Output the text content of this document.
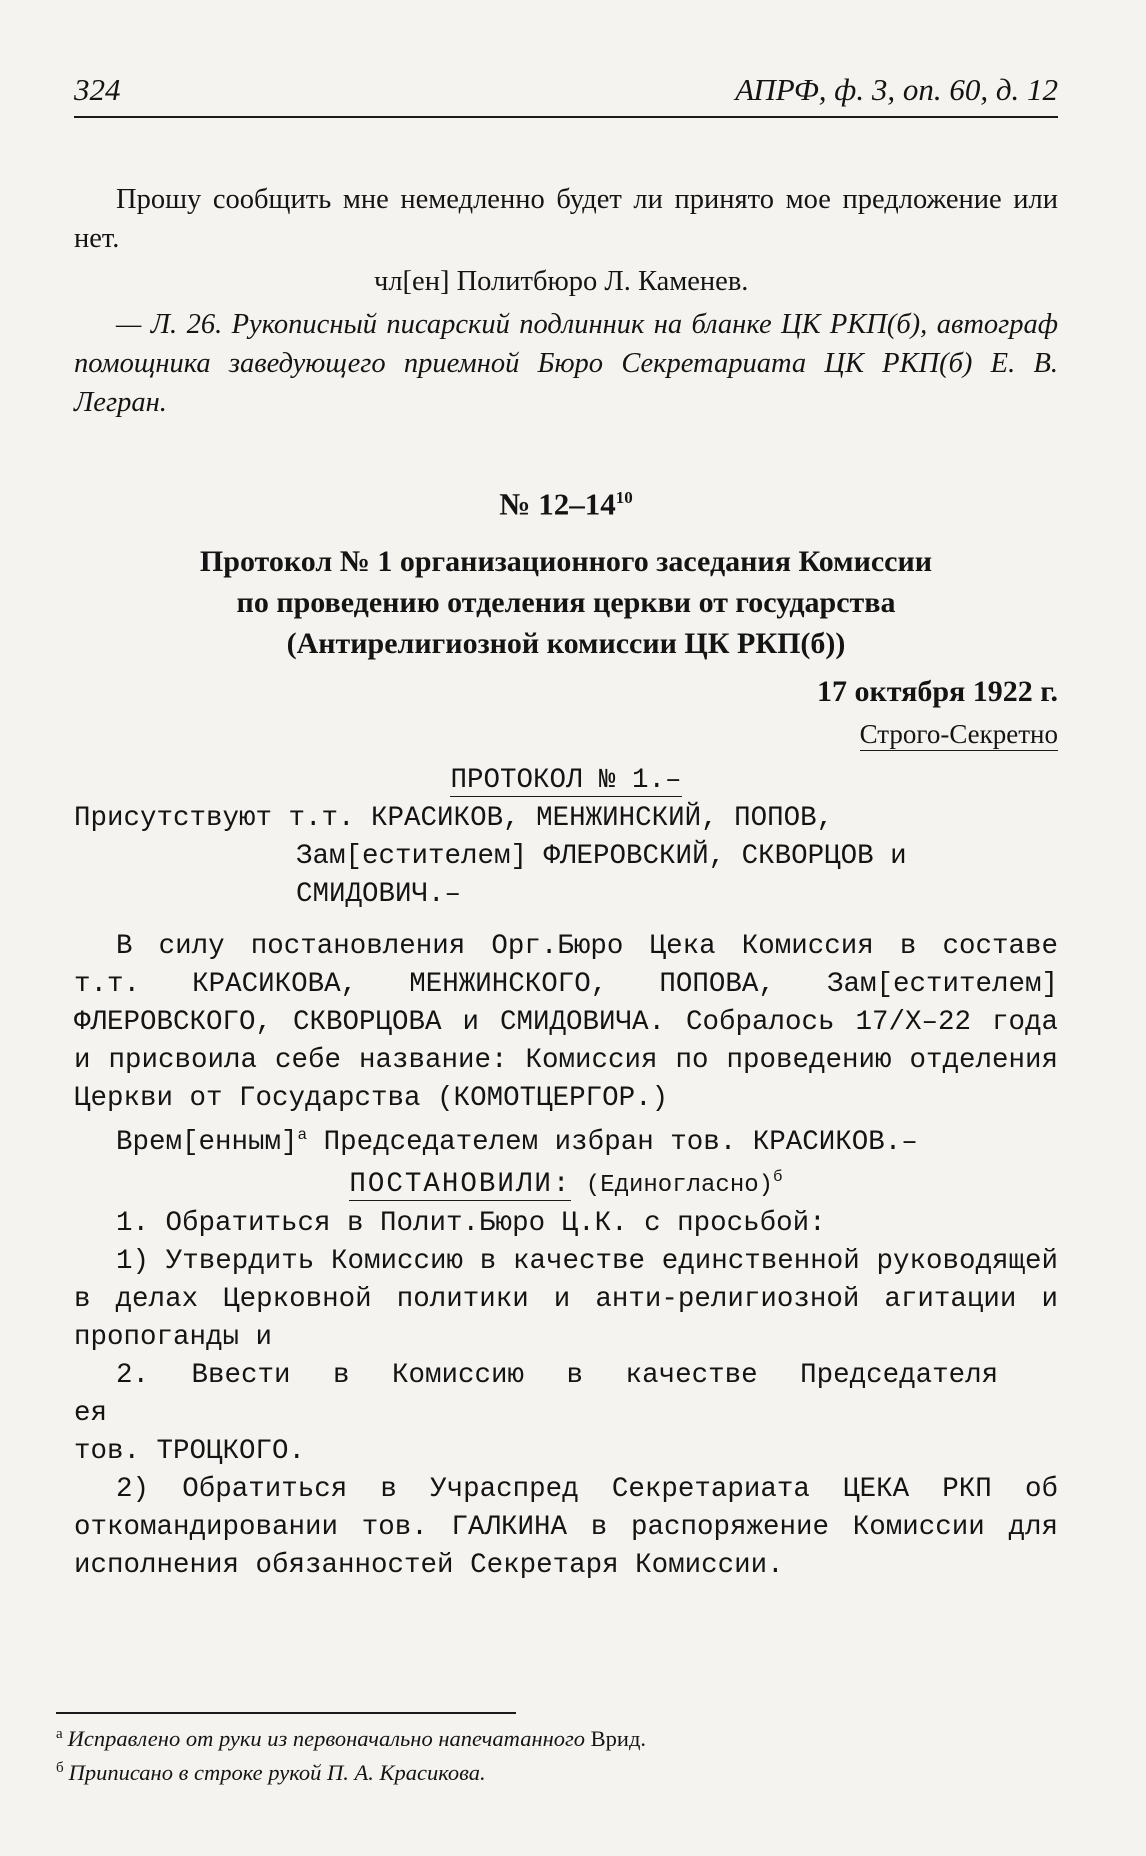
324	АПРФ, ф. 3, оп. 60, д. 12

Прошу сообщить мне немедленно будет ли принято мое предложение или нет.

чл[ен] Политбюро Л. Каменев.

— Л. 26. Рукописный писарский подлинник на бланке ЦК РКП(б), автограф помощника заведующего приемной Бюро Секретариата ЦК РКП(б) Е. В. Легран.

№ $12-14^{10}$
Протокол № 1 организационного заседания Комиссии
по проведению отделения церкви от государства
(Антирелигиозной комиссии ЦК РКП(б))
17 октября 1922 г.
Строго-Секретно

ПРОТОКОЛ № 1.–

Присутствуют т.т. КРАСИКОВ, МЕНЖИНСКИЙ, ПОПОВ,

Зам[естителем] ФЛЕРОВСКИЙ, СКВОРЦОВ и

СМИДОВИЧ.–

В силу постановления Орг.Бюро Цека Комиссия в составе т.т. КРАСИКОВА, МЕНЖИНСКОГО, ПОПОВА, Зам[естителем] ФЛЕРОВСКОГО, СКВОРЦОВА и СМИДОВИЧА. Собралось 17/Х–22 года и присвоила себе название: Комиссия по проведению отделения Церкви от Государства (КОМОТЦЕРГОР.)

Врем[енным]$^а$ Председателем избран тов. КРАСИКОВ.–

ПОСТАНОВИЛИ: (Единогласно)$^б$

1. Обратиться в Полит.Бюро Ц.К. с просьбой:

1) Утвердить Комиссию в качестве единственной руководящей в делах Церковной политики и анти-религиозной агитации и пропоганды и

2. Ввести в Комиссию в качестве Председателя ея

тов. ТРОЦКОГО.

2) Обратиться в Учраспред Секретариата ЦЕКА РКП об откомандировании тов. ГАЛКИНА в распоряжение Комиссии для исполнения обязанностей Секретаря Комиссии.

$^а$ Исправлено от руки из первоначально напечатанного Врид.
$^б$ Приписано в строке рукой П. А. Красикова.
